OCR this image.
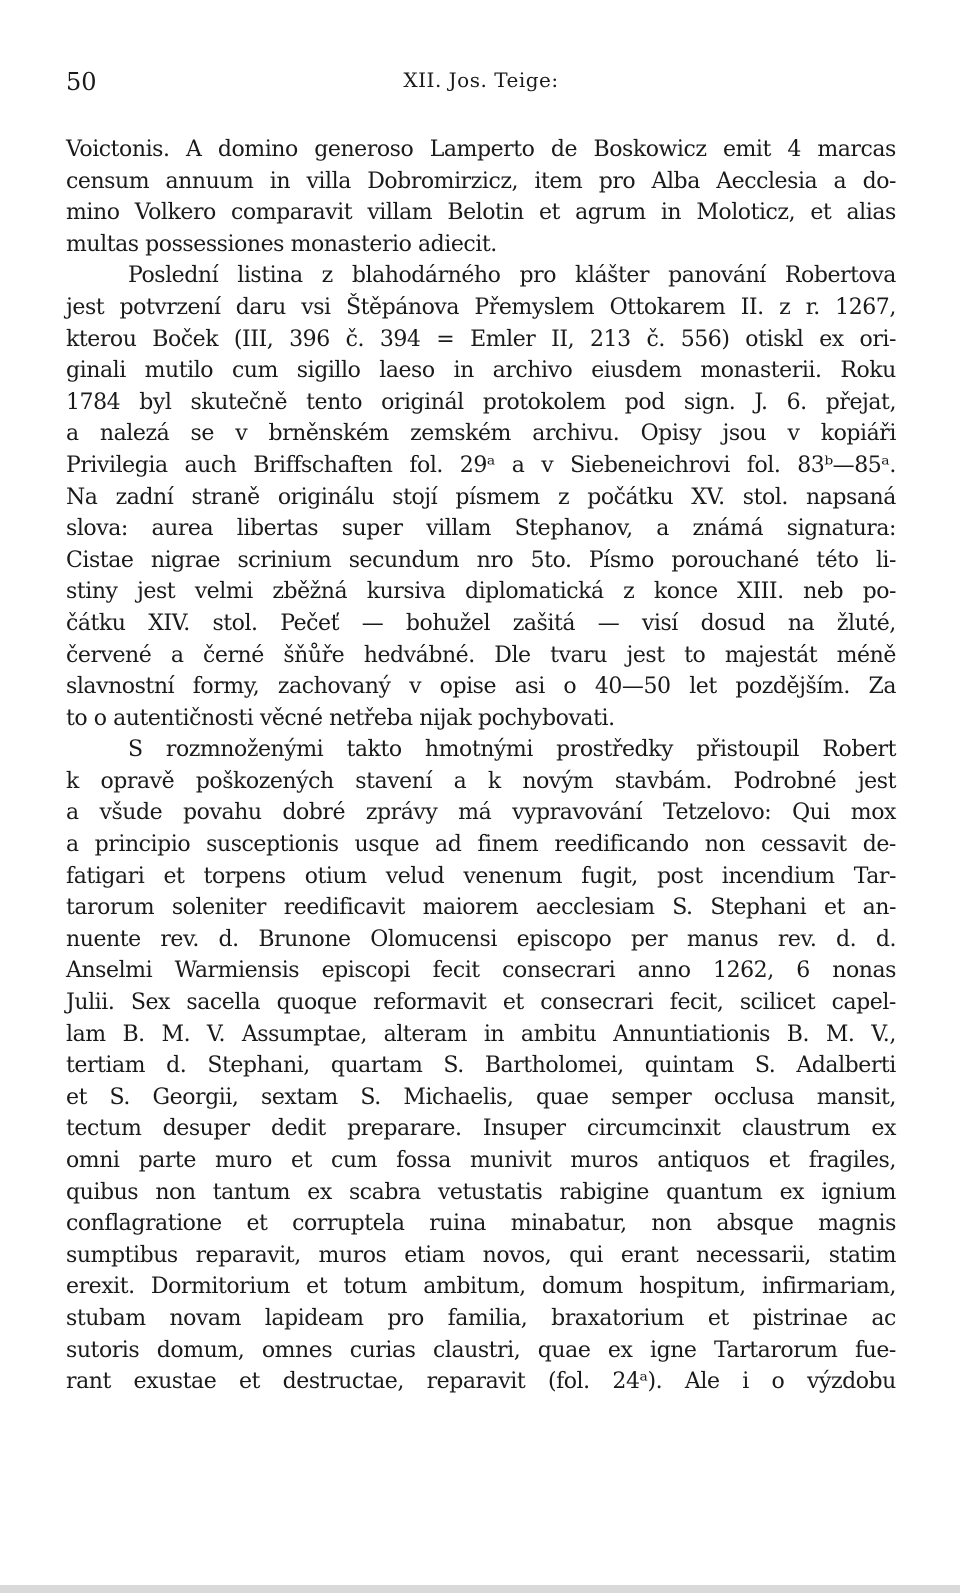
50	XII. Jos. Teige:
Voictonis. A domino generoso Lamperto de Boskowicz emit 4 marcas
censum annuum in villa Dobromirzicz, item pro Alba Aecclesia a do-
mino Volkero comparavit villam Belotin et agrum in Moloticz, et alias
multas possessiones monasterio adiecit.
Poslední listina z blahodárného pro klášter panování Robertova
jest potvrzení daru vsi Štěpánova Přemyslem Ottokarem II. z r. 1267,
kterou Boček (III, 396 č. 394 = Emler II, 213 č. 556) otiskl ex ori-
ginali mutilo cum sigillo laeso in archivo eiusdem monasterii. Roku
1784 byl skutečně tento originál protokolem pod sign. J. 6. přejat,
a nalezá se v brněnském zemském archivu. Opisy jsou v kopiáři
Privilegia auch Briffschaften fol. 29ᵃ a v Siebeneichrovi fol. 83ᵇ—85ᵃ.
Na zadní straně originálu stojí písmem z počátku XV. stol. napsaná
slova: aurea libertas super villam Stephanov, a známá signatura:
Cistae nigrae scrinium secundum nro 5to. Písmo porouchané této li-
stiny jest velmi zběžná kursiva diplomatická z konce XIII. neb po-
čátku XIV. stol. Pečeť — bohužel zašitá — visí dosud na žluté,
červené a černé šňůře hedvábné. Dle tvaru jest to majestát méně
slavnostní formy, zachovaný v opise asi o 40—50 let pozdějším. Za
to o autentičnosti věcné netřeba nijak pochybovati.
S rozmnoženými takto hmotnými prostředky přistoupil Robert
k opravě poškozených stavení a k novým stavbám. Podrobné jest
a všude povahu dobré zprávy má vypravování Tetzelovo: Qui mox
a principio susceptionis usque ad finem reedificando non cessavit de-
fatigari et torpens otium velud venenum fugit, post incendium Tar-
tarorum soleniter reedificavit maiorem aecclesiam S. Stephani et an-
nuente rev. d. Brunone Olomucensi episcopo per manus rev. d. d.
Anselmi Warmiensis episcopi fecit consecrari anno 1262, 6 nonas
Julii. Sex sacella quoque reformavit et consecrari fecit, scilicet capel-
lam B. M. V. Assumptae, alteram in ambitu Annuntiationis B. M. V.,
tertiam d. Stephani, quartam S. Bartholomei, quintam S. Adalberti
et S. Georgii, sextam S. Michaelis, quae semper occlusa mansit,
tectum desuper dedit preparare. Insuper circumcinxit claustrum ex
omni parte muro et cum fossa munivit muros antiquos et fragiles,
quibus non tantum ex scabra vetustatis rabigine quantum ex ignium
conflagratione et corruptela ruina minabatur, non absque magnis
sumptibus reparavit, muros etiam novos, qui erant necessarii, statim
erexit. Dormitorium et totum ambitum, domum hospitum, infirmariam,
stubam novam lapideam pro familia, braxatorium et pistrinae ac
sutoris domum, omnes curias claustri, quae ex igne Tartarorum fue-
rant exustae et destructae, reparavit (fol. 24ᵃ). Ale i o výzdobu
